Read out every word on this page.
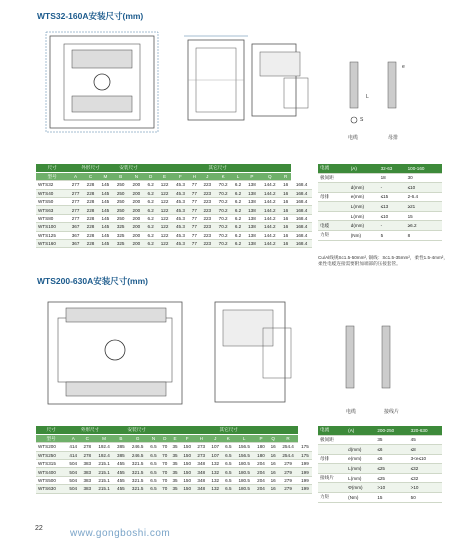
WTS32-160A安装尺寸(mm)
e
L
S
电缆	母排
尺寸	外形尺寸			安装尺寸		其它尺寸										
型号	A	C	M	B	N	D	E	F	H	J	K	L	P	Q	R	
WTS32	277	228	145	250	200	6.2	122	45.3	77	223	70.2	6.2	138	144.2	16	168.4
WTS40	277	228	145	250	200	6.2	122	45.3	77	223	70.2	6.2	138	144.2	16	168.4
WTS50	277	228	145	250	200	6.2	122	45.3	77	223	70.2	6.2	138	144.2	16	168.4
WTS63	277	228	145	250	200	6.2	122	45.3	77	223	70.2	6.2	138	144.2	16	168.4
WTS80	277	228	145	250	200	6.2	122	45.3	77	223	70.2	6.2	138	144.2	16	168.4
WTS100	367	228	145	325	200	6.2	122	45.3	77	223	70.2	6.2	138	144.2	16	168.4
WTS125	367	228	145	325	200	6.2	122	45.3	77	223	70.2	6.2	138	144.2	16	168.4
WTS160	367	228	145	325	200	6.2	122	45.3	77	223	70.2	6.2	138	144.2	16	168.4
电流	(A)	32-63	100-160
极间距		18	30
	d(mm)	-	≤10
母排	e(mm)	≤15	2-6.4
	L(mm)	≤13	≥21
	L(mm)	≤10	15
电缆	d(mm)	-	≥6.2
力矩	(Nm)	5	8
Cu/Al线规Sc1.5-50mm², 铜线：Sc1.5-35mm²，柔性1.5-4mm²，柔性电缆连接需要附加端部的压接套管。
WTS200-630A安装尺寸(mm)
电缆	接线片
尺寸	外形尺寸			安装尺寸			其它尺寸										
型号	A	C	M	B	G	N	D	E	F	H	J	K	L	P	Q	R	
WTS200	414	278	192.4	385	246.5	6.5	70	35	150	273	107	6.5	156.5	180	16	254.4	175
WTS250	414	278	192.4	385	246.5	6.5	70	35	150	273	107	6.5	156.5	180	16	254.4	175
WTS315	504	383	215.1	455	321.5	6.5	70	35	150	348	132	6.5	180.5	204	16	279	199
WTS400	504	383	215.1	455	321.5	6.5	70	35	150	348	132	6.5	180.5	204	16	279	199
WTS500	504	383	215.1	455	321.5	6.5	70	35	150	348	132	6.5	180.5	204	16	279	199
WTS630	504	383	215.1	455	321.5	6.5	70	35	150	348	132	6.5	180.5	204	16	279	199
电流	(A)	200-250	320-630
极间距		35	45
	d(mm)	≤6	≤8
母排	e(mm)	≤6	3<e≤10
	L(mm)	≤25	≤32
接线片	L(mm)	≤25	≤32
	Φ(mm)	>10	>10
力矩	(Nm)	15	50
22	www.gongboshi.com
